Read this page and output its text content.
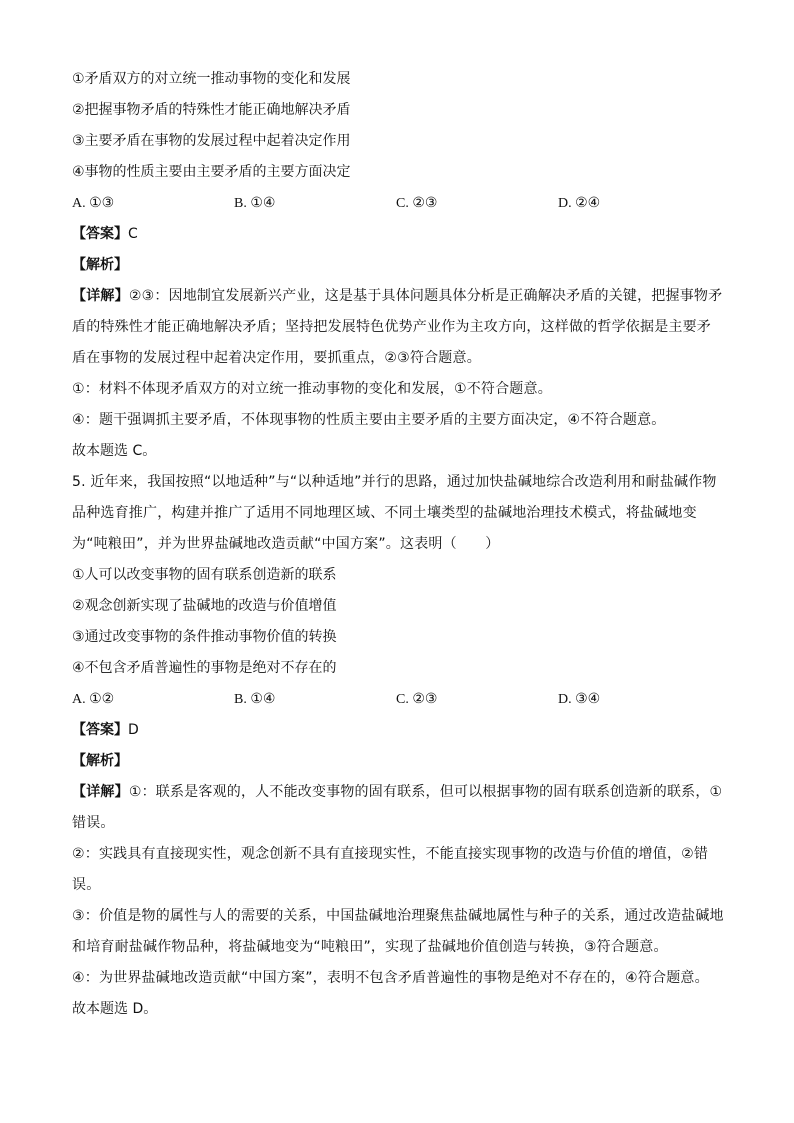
①矛盾双方的对立统一推动事物的变化和发展
②把握事物矛盾的特殊性才能正确地解决矛盾
③主要矛盾在事物的发展过程中起着决定作用
④事物的性质主要由主要矛盾的主要方面决定
A. ①③	B. ①④	C. ②③	D. ②④
【答案】C
【解析】
【详解】②③：因地制宜发展新兴产业，这是基于具体问题具体分析是正确解决矛盾的关键，把握事物矛盾的特殊性才能正确地解决矛盾；坚持把发展特色优势产业作为主攻方向，这样做的哲学依据是主要矛盾在事物的发展过程中起着决定作用，要抓重点，②③符合题意。
①：材料不体现矛盾双方的对立统一推动事物的变化和发展，①不符合题意。
④：题干强调抓主要矛盾，不体现事物的性质主要由主要矛盾的主要方面决定，④不符合题意。
故本题选 C。
5. 近年来，我国按照“以地适种”与“以种适地”并行的思路，通过加快盐碱地综合改造利用和耐盐碱作物品种选育推广，构建并推广了适用不同地理区域、不同土壤类型的盐碱地治理技术模式，将盐碱地变为“吨粮田”，并为世界盐碱地改造贡献“中国方案”。这表明（　　）
①人可以改变事物的固有联系创造新的联系
②观念创新实现了盐碱地的改造与价值增值
③通过改变事物的条件推动事物价值的转换
④不包含矛盾普遍性的事物是绝对不存在的
A. ①②	B. ①④	C. ②③	D. ③④
【答案】D
【解析】
【详解】①：联系是客观的，人不能改变事物的固有联系，但可以根据事物的固有联系创造新的联系，①错误。
②：实践具有直接现实性，观念创新不具有直接现实性，不能直接实现事物的改造与价值的增值，②错误。
③：价值是物的属性与人的需要的关系，中国盐碱地治理聚焦盐碱地属性与种子的关系，通过改造盐碱地和培育耐盐碱作物品种，将盐碱地变为“吨粮田”，实现了盐碱地价值创造与转换，③符合题意。
④：为世界盐碱地改造贡献“中国方案”，表明不包含矛盾普遍性的事物是绝对不存在的，④符合题意。
故本题选 D。
